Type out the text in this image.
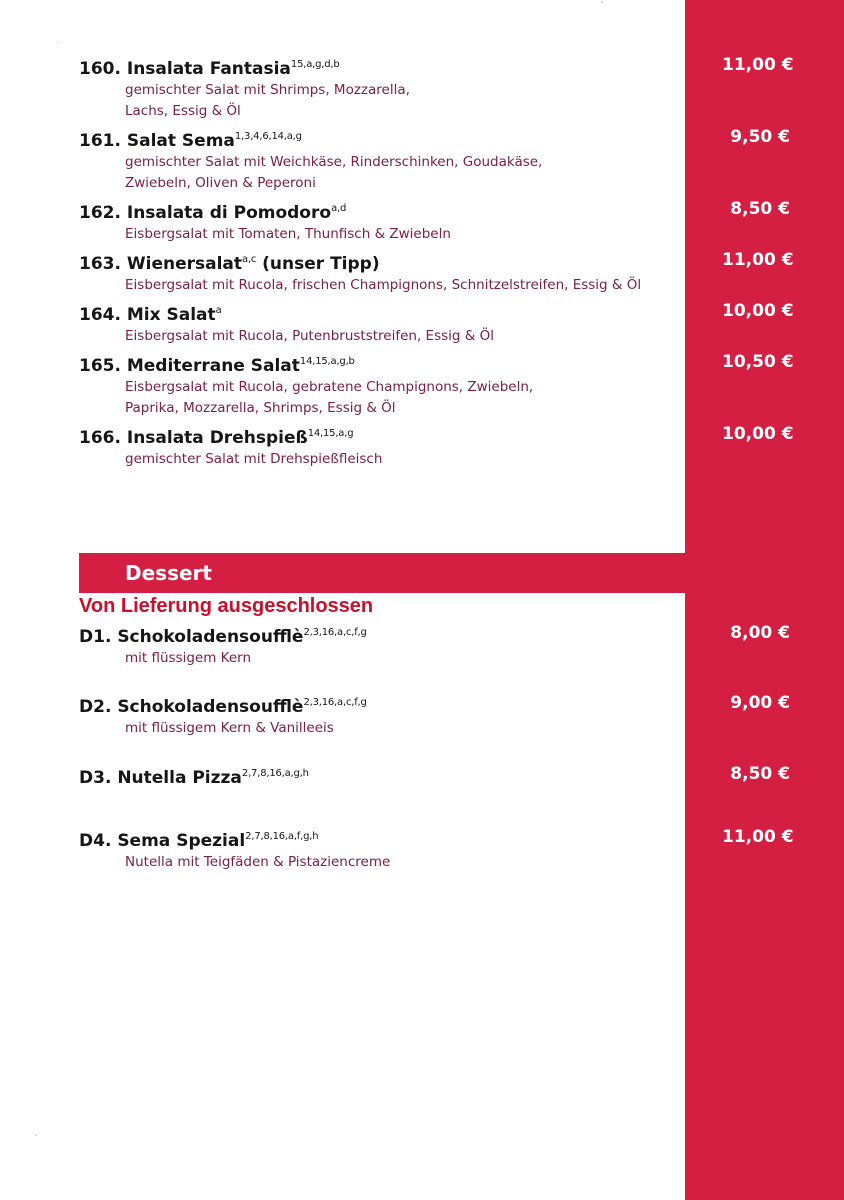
160. Insalata Fantasia$^{15,a,g,d,b}$
gemischter Salat mit Shrimps, Mozzarella,
Lachs, Essig & Öl
11,00 €
161. Salat Sema$^{1,3,4,6,14,a,g}$
gemischter Salat mit Weichkäse, Rinderschinken, Goudakäse,
Zwiebeln, Oliven & Peperoni
9,50 €
162. Insalata di Pomodoro$^{a,d}$
Eisbergsalat mit Tomaten, Thunfisch & Zwiebeln
8,50 €
163. Wienersalat$^{a,c}$ (unser Tipp)
Eisbergsalat mit Rucola, frischen Champignons, Schnitzelstreifen, Essig & Öl
11,00 €
164. Mix Salat$^a$
Eisbergsalat mit Rucola, Putenbruststreifen, Essig & Öl
10,00 €
165. Mediterrane Salat$^{14,15,a,g,b}$
Eisbergsalat mit Rucola, gebratene Champignons, Zwiebeln,
Paprika, Mozzarella, Shrimps, Essig & Öl
10,50 €
166. Insalata Drehspieß$^{14,15,a,g}$
gemischter Salat mit Drehspießfleisch
10,00 €
Dessert
Von Lieferung ausgeschlossen
D1. Schokoladensoufflè$^{2,3,16,a,c,f,g}$
mit flüssigem Kern
8,00 €
D2. Schokoladensoufflè$^{2,3,16,a,c,f,g}$
mit flüssigem Kern & Vanilleeis
9,00 €
D3. Nutella Pizza$^{2,7,8,16,a,g,h}$	8,50 €
D4. Sema Spezial$^{2,7,8,16,a,f,g,h}$
Nutella mit Teigfäden & Pistaziencreme
11,00 €
